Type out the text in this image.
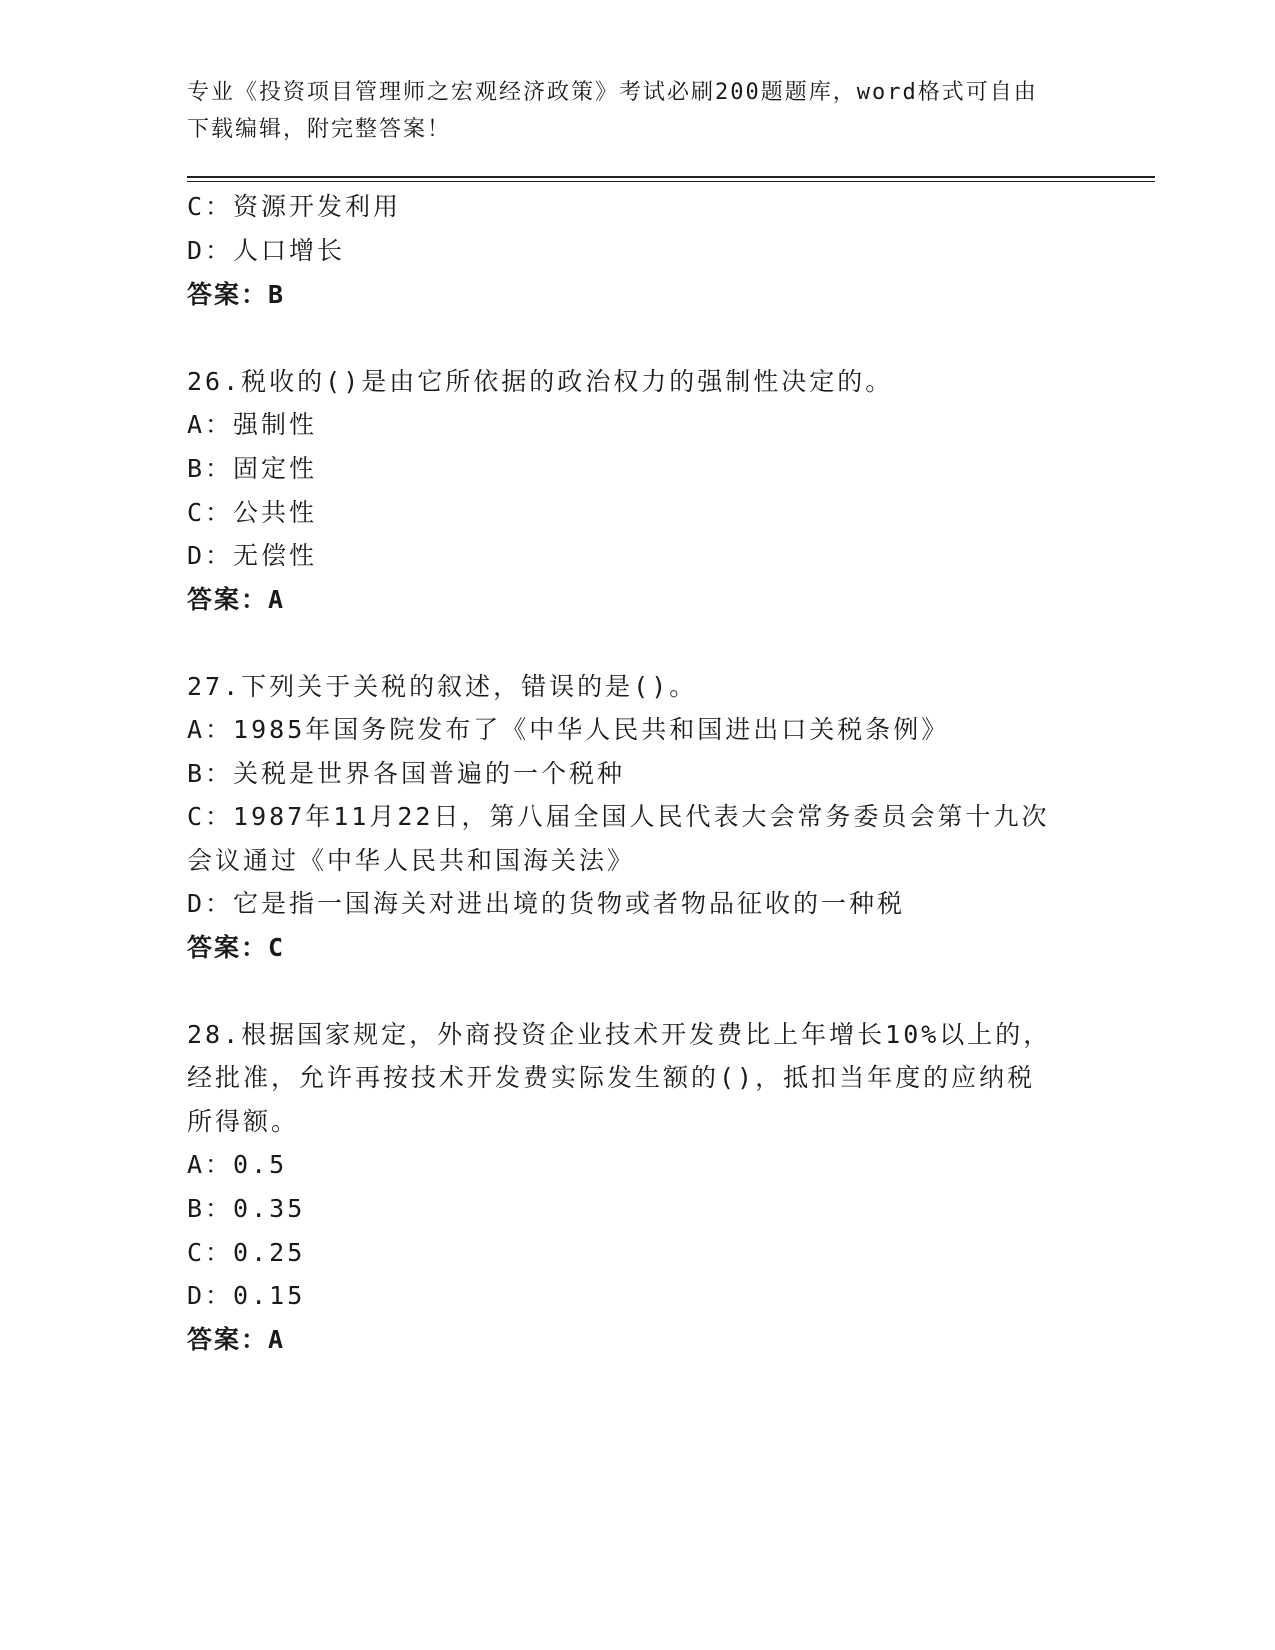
专业《投资项目管理师之宏观经济政策》考试必刷200题题库，word格式可自由
下载编辑，附完整答案！
C：资源开发利用
D：人口增长
答案：B
26.税收的()是由它所依据的政治权力的强制性决定的。
A：强制性
B：固定性
C：公共性
D：无偿性
答案：A
27.下列关于关税的叙述，错误的是()。
A：1985年国务院发布了《中华人民共和国进出口关税条例》
B：关税是世界各国普遍的一个税种
C：1987年11月22日，第八届全国人民代表大会常务委员会第十九次
会议通过《中华人民共和国海关法》
D：它是指一国海关对进出境的货物或者物品征收的一种税
答案：C
28.根据国家规定，外商投资企业技术开发费比上年增长10%以上的，
经批准，允许再按技术开发费实际发生额的()，抵扣当年度的应纳税
所得额。
A：0.5
B：0.35
C：0.25
D：0.15
答案：A
